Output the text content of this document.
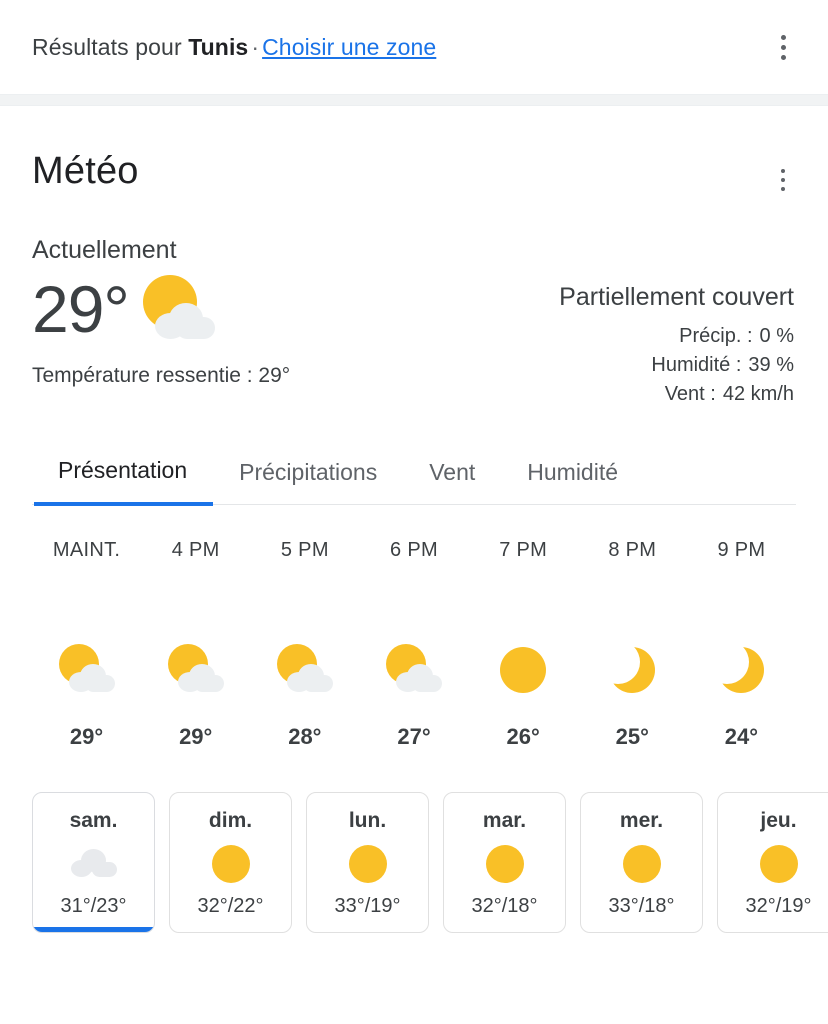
Résultats pour Tunis · Choisir une zone
Météo
Actuellement
29°
Température ressentie : 29°
Partiellement couvert
Précip. : 0 %
Humidité : 39 %
Vent : 42 km/h
Présentation	Précipitations	Vent	Humidité
MAINT.
29°
4 PM
29°
5 PM
28°
6 PM
27°
7 PM
26°
8 PM
25°
9 PM
24°
sam.
31°/23°
dim.
32°/22°
lun.
33°/19°
mar.
32°/18°
mer.
33°/18°
jeu.
32°/19°
